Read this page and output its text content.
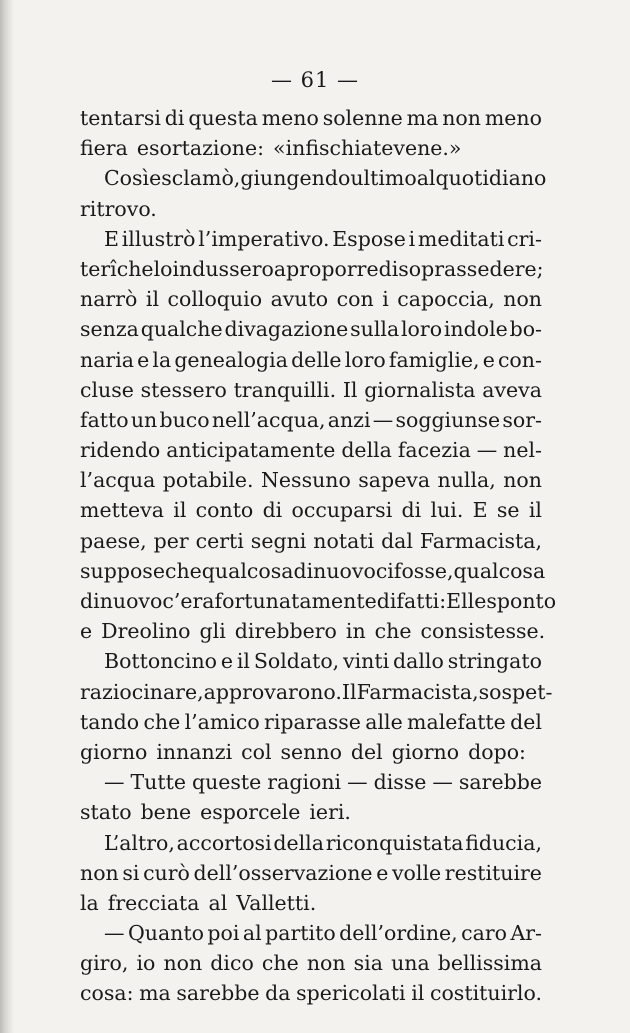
— 61 —
tentarsi di questa meno solenne ma non meno
fiera esortazione: «infischiatevene.»
Così esclamò, giungendo ultimo al quotidiano
ritrovo.
E illustrò l’imperativo. Espose i meditati cri-
terî che lo indussero a proporre di soprassedere;
narrò il colloquio avuto con i capoccia, non
senza qualche divagazione sulla loro indole bo-
naria e la genealogia delle loro famiglie, e con-
cluse stessero tranquilli. Il giornalista aveva
fatto un buco nell’acqua, anzi — soggiunse sor-
ridendo anticipatamente della facezia — nel-
l’acqua potabile. Nessuno sapeva nulla, non
metteva il conto di occuparsi di lui. E se il
paese, per certi segni notati dal Farmacista,
suppose che qualcosa di nuovo ci fosse, qualcosa
di nuovo c’era fortunatamente difatti: Ellesponto
e Dreolino gli direbbero in che consistesse.
Bottoncino e il Soldato, vinti dallo stringato
raziocinare, approvarono. Il Farmacista, sospet-
tando che l’amico riparasse alle malefatte del
giorno innanzi col senno del giorno dopo:
— Tutte queste ragioni — disse — sarebbe
stato bene esporcele ieri.
L’altro, accortosi della riconquistata fiducia,
non si curò dell’osservazione e volle restituire
la frecciata al Valletti.
— Quanto poi al partito dell’ordine, caro Ar-
giro, io non dico che non sia una bellissima
cosa: ma sarebbe da spericolati il costituirlo.
